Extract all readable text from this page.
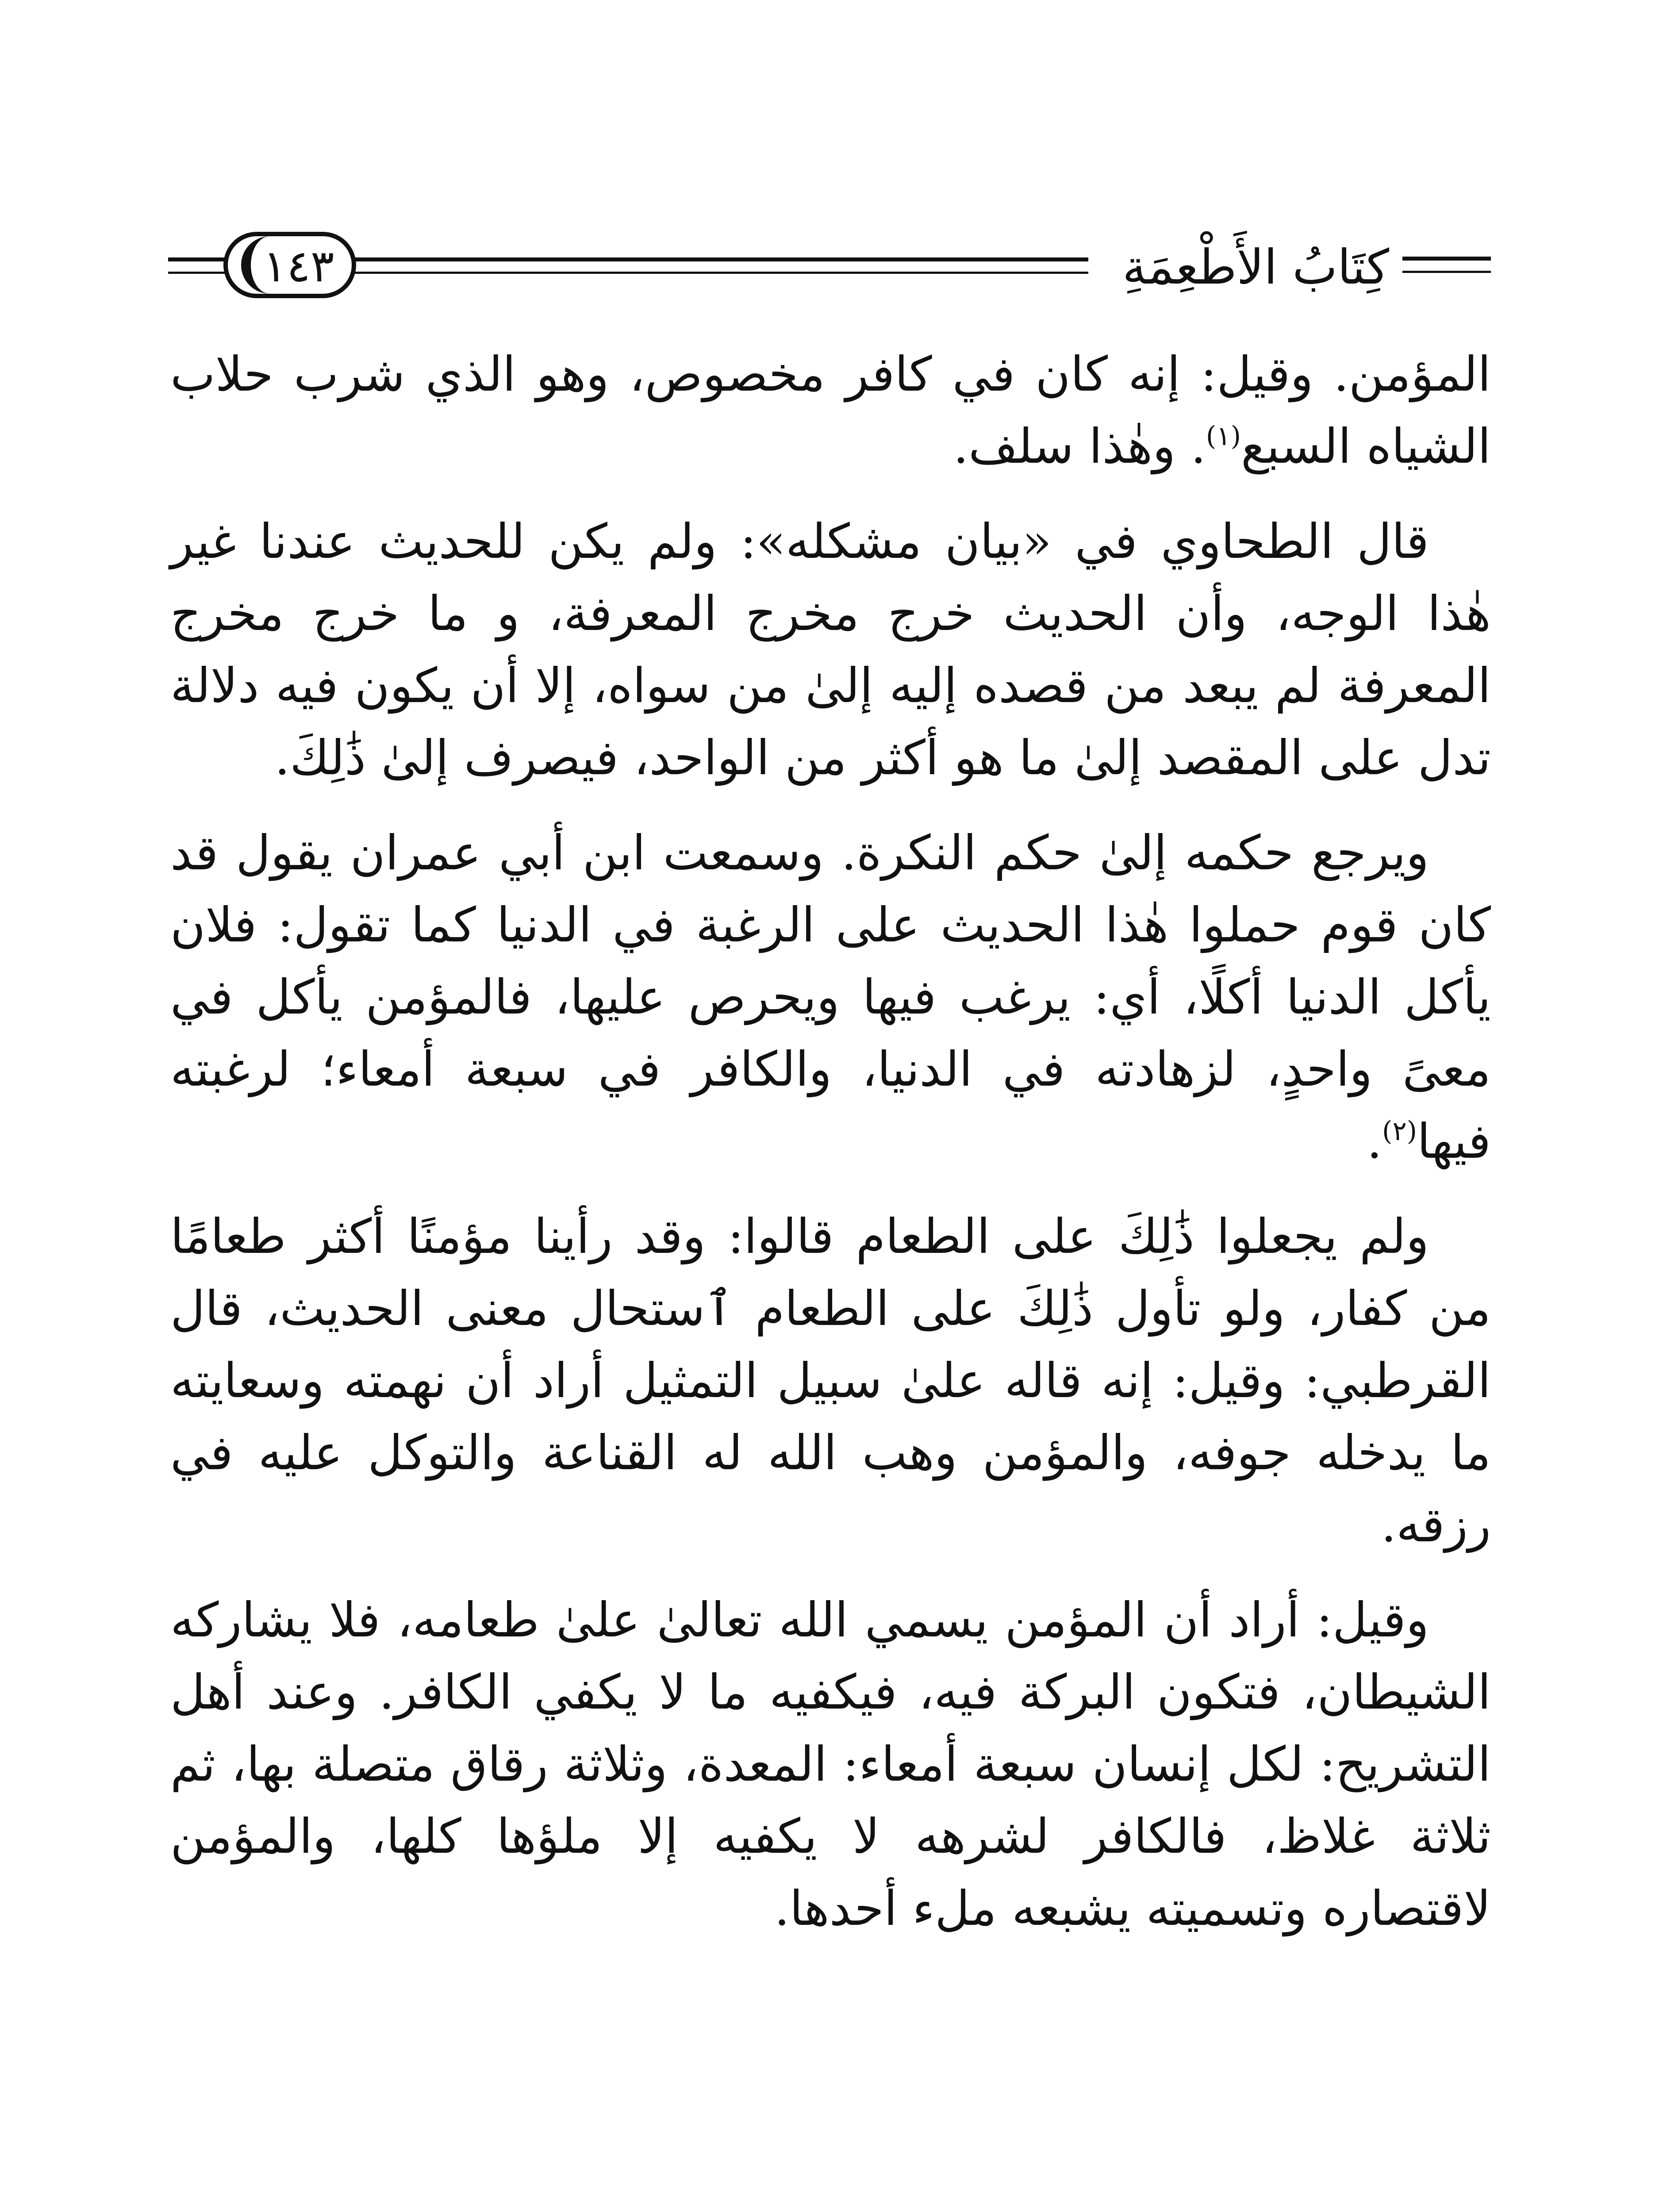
كِتَابُ الأَطْعِمَةِ
١٤٣

المؤمن. وقيل: إنه كان في كافر مخصوص، وهو الذي شرب حلاب الشياه السبع$^{(١)}$. وهٰذا سلف.

قال الطحاوي في «بيان مشكله»: ولم يكن للحديث عندنا غير هٰذا الوجه، وأن الحديث خرج مخرج المعرفة، و ما خرج مخرج المعرفة لم يبعد من قصده إليه إلىٰ من سواه، إلا أن يكون فيه دلالة تدل على المقصد إلىٰ ما هو أكثر من الواحد، فيصرف إلىٰ ذَٰلِكَ.

ويرجع حكمه إلىٰ حكم النكرة. وسمعت ابن أبي عمران يقول قد كان قوم حملوا هٰذا الحديث على الرغبة في الدنيا كما تقول: فلان يأكل الدنيا أكلًا، أي: يرغب فيها ويحرص عليها، فالمؤمن يأكل في معىً واحدٍ، لزهادته في الدنيا، والكافر في سبعة أمعاء؛ لرغبته فيها$^{(٢)}$.

ولم يجعلوا ذَٰلِكَ على الطعام قالوا: وقد رأينا مؤمنًا أكثر طعامًا من كفار، ولو تأول ذَٰلِكَ على الطعام ٱستحال معنى الحديث، قال القرطبي: وقيل: إنه قاله علىٰ سبيل التمثيل أراد أن نهمته وسعايته ما يدخله جوفه، والمؤمن وهب الله له القناعة والتوكل عليه في رزقه.

وقيل: أراد أن المؤمن يسمي الله تعالىٰ علىٰ طعامه، فلا يشاركه الشيطان، فتكون البركة فيه، فيكفيه ما لا يكفي الكافر. وعند أهل التشريح: لكل إنسان سبعة أمعاء: المعدة، وثلاثة رقاق متصلة بها، ثم ثلاثة غلاظ، فالكافر لشرهه لا يكفيه إلا ملؤها كلها، والمؤمن لاقتصاره وتسميته يشبعه ملء أحدها.
